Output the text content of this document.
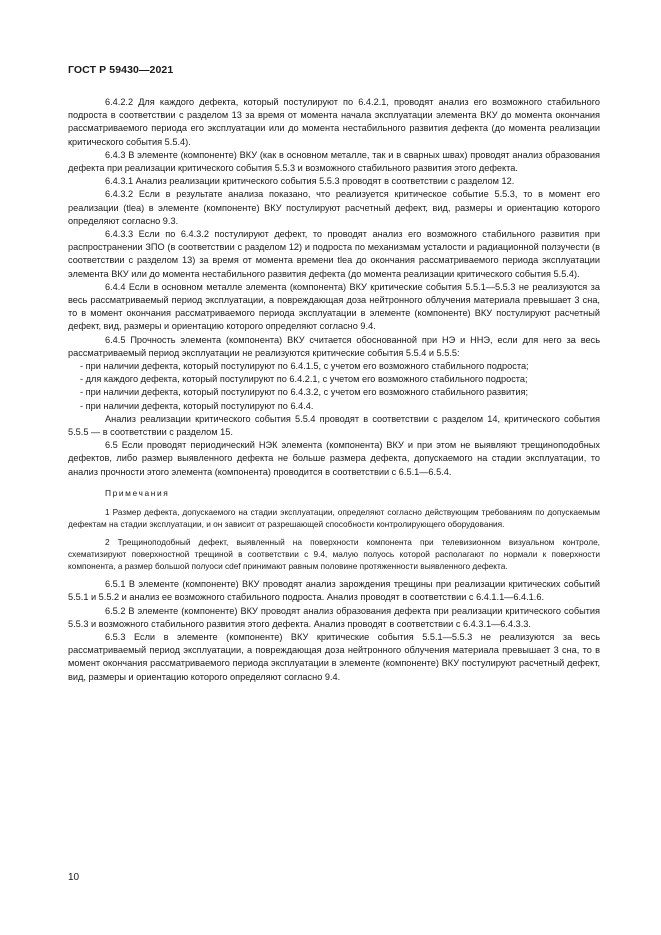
ГОСТ Р 59430—2021

6.4.2.2 Для каждого дефекта, который постулируют по 6.4.2.1, проводят анализ его возможного стабильного подроста в соответствии с разделом 13 за время от момента начала эксплуатации элемента ВКУ до момента окончания рассматриваемого периода его эксплуатации или до момента нестабильного развития дефекта (до момента реализации критического события 5.5.4).

6.4.3 В элементе (компоненте) ВКУ (как в основном металле, так и в сварных швах) проводят анализ образования дефекта при реализации критического события 5.5.3 и возможного стабильного развития этого дефекта.

6.4.3.1 Анализ реализации критического события 5.5.3 проводят в соответствии с разделом 12.

6.4.3.2 Если в результате анализа показано, что реализуется критическое событие 5.5.3, то в момент его реализации (tlea) в элементе (компоненте) ВКУ постулируют расчетный дефект, вид, размеры и ориентацию которого определяют согласно 9.3.

6.4.3.3 Если по 6.4.3.2 постулируют дефект, то проводят анализ его возможного стабильного развития при распространении ЗПО (в соответствии с разделом 12) и подроста по механизмам усталости и радиационной ползучести (в соответствии с разделом 13) за время от момента времени tlea до окончания рассматриваемого периода эксплуатации элемента ВКУ или до момента нестабильного развития дефекта (до момента реализации критического события 5.5.4).

6.4.4 Если в основном металле элемента (компонента) ВКУ критические события 5.5.1—5.5.3 не реализуются за весь рассматриваемый период эксплуатации, а повреждающая доза нейтронного облучения материала превышает 3 сна, то в момент окончания рассматриваемого периода эксплуатации в элементе (компоненте) ВКУ постулируют расчетный дефект, вид, размеры и ориентацию которого определяют согласно 9.4.

6.4.5 Прочность элемента (компонента) ВКУ считается обоснованной при НЭ и ННЭ, если для него за весь рассматриваемый период эксплуатации не реализуются критические события 5.5.4 и 5.5.5:

- при наличии дефекта, который постулируют по 6.4.1.5, с учетом его возможного стабильного подроста;

- для каждого дефекта, который постулируют по 6.4.2.1, с учетом его возможного стабильного подроста;

- при наличии дефекта, который постулируют по 6.4.3.2, с учетом его возможного стабильного развития;

- при наличии дефекта, который постулируют по 6.4.4.

Анализ реализации критического события 5.5.4 проводят в соответствии с разделом 14, критического события 5.5.5 — в соответствии с разделом 15.

6.5 Если проводят периодический НЭК элемента (компонента) ВКУ и при этом не выявляют трещиноподобных дефектов, либо размер выявленного дефекта не больше размера дефекта, допускаемого на стадии эксплуатации, то анализ прочности этого элемента (компонента) проводится в соответствии с 6.5.1—6.5.4.

Примечания
1 Размер дефекта, допускаемого на стадии эксплуатации, определяют согласно действующим требованиям по допускаемым дефектам на стадии эксплуатации, и он зависит от разрешающей способности контролирующего оборудования.
2 Трещиноподобный дефект, выявленный на поверхности компонента при телевизионном визуальном контроле, схематизируют поверхностной трещиной в соответствии с 9.4, малую полуось которой располагают по нормали к поверхности компонента, а размер большой полуоси cdef принимают равным половине протяженности выявленного дефекта.

6.5.1 В элементе (компоненте) ВКУ проводят анализ зарождения трещины при реализации критических событий 5.5.1 и 5.5.2 и анализ ее возможного стабильного подроста. Анализ проводят в соответствии с 6.4.1.1—6.4.1.6.

6.5.2 В элементе (компоненте) ВКУ проводят анализ образования дефекта при реализации критического события 5.5.3 и возможного стабильного развития этого дефекта. Анализ проводят в соответствии с 6.4.3.1—6.4.3.3.

6.5.3 Если в элементе (компоненте) ВКУ критические события 5.5.1—5.5.3 не реализуются за весь рассматриваемый период эксплуатации, а повреждающая доза нейтронного облучения материала превышает 3 сна, то в момент окончания рассматриваемого периода эксплуатации в элементе (компоненте) ВКУ постулируют расчетный дефект, вид, размеры и ориентацию которого определяют согласно 9.4.

10
